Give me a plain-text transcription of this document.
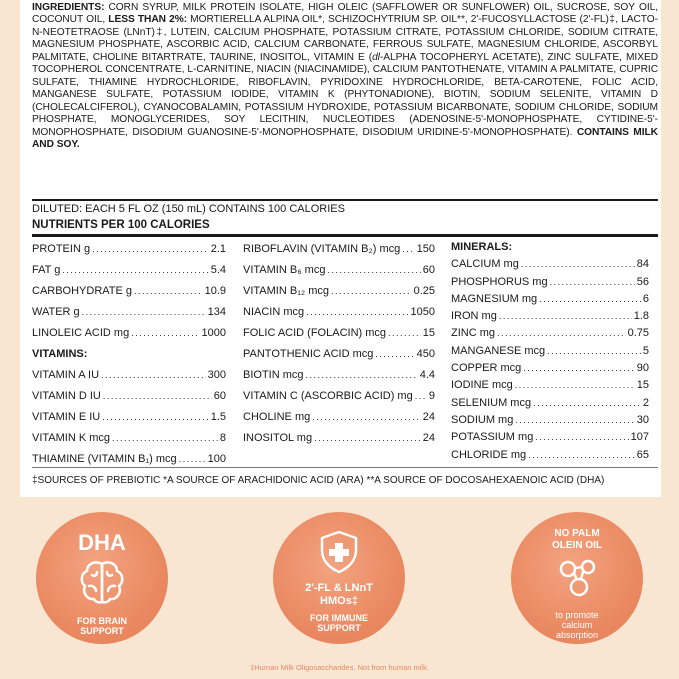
INGREDIENTS: CORN SYRUP, MILK PROTEIN ISOLATE, HIGH OLEIC (SAFFLOWER OR SUNFLOWER) OIL, SUCROSE, SOY OIL, COCONUT OIL, LESS THAN 2%: MORTIERELLA ALPINA OIL*, SCHIZOCHYTRIUM SP. OIL**, 2'-FUCOSYLLACTOSE (2'-FL)‡, LACTO-N-NEOTETRAOSE (LNnT)‡, LUTEIN, CALCIUM PHOSPHATE, POTASSIUM CITRATE, POTASSIUM CHLORIDE, SODIUM CITRATE, MAGNESIUM PHOSPHATE, ASCORBIC ACID, CALCIUM CARBONATE, FERROUS SULFATE, MAGNESIUM CHLORIDE, ASCORBYL PALMITATE, CHOLINE BITARTRATE, TAURINE, INOSITOL, VITAMIN E (dl-ALPHA TOCOPHERYL ACETATE), ZINC SULFATE, MIXED TOCOPHEROL CONCENTRATE, L-CARNITINE, NIACIN (NIACINAMIDE), CALCIUM PANTOTHENATE, VITAMIN A PALMITATE, CUPRIC SULFATE, THIAMINE HYDROCHLORIDE, RIBOFLAVIN, PYRIDOXINE HYDROCHLORIDE, BETA-CAROTENE, FOLIC ACID, MANGANESE SULFATE, POTASSIUM IODIDE, VITAMIN K (PHYTONADIONE), BIOTIN, SODIUM SELENITE, VITAMIN D (CHOLECALCIFEROL), CYANOCOBALAMIN, POTASSIUM HYDROXIDE, POTASSIUM BICARBONATE, SODIUM CHLORIDE, SODIUM PHOSPHATE, MONOGLYCERIDES, SOY LECITHIN, NUCLEOTIDES (ADENOSINE-5'-MONOPHOSPHATE, CYTIDINE-5'-MONOPHOSPHATE, DISODIUM GUANOSINE-5'-MONOPHOSPHATE, DISODIUM URIDINE-5'-MONOPHOSPHATE). CONTAINS MILK AND SOY.
DILUTED: EACH 5 FL OZ (150 mL) CONTAINS 100 CALORIES
NUTRIENTS PER 100 CALORIES
PROTEIN g . . .	2.1
FAT g . . .	5.4
CARBOHYDRATE g . . .	10.9
WATER g . . .	134
LINOLEIC ACID mg . . .	1000
VITAMINS:
VITAMIN A IU . . .	300
VITAMIN D IU . . .	60
VITAMIN E IU . . .	1.5
VITAMIN K mcg . . .	8
THIAMINE (VITAMIN B₁) mcg . . .	100
RIBOFLAVIN (VITAMIN B₂) mcg . . . 150
VITAMIN B₆ mcg . . .	60
VITAMIN B₁₂ mcg . . .	0.25
NIACIN mcg . . .	1050
FOLIC ACID (FOLACIN) mcg . . .	15
PANTOTHENIC ACID mcg . . .	450
BIOTIN mcg . . .	4.4
VITAMIN C (ASCORBIC ACID) mg . . . 9
CHOLINE mg . . .	24
INOSITOL mg . . .	24
MINERALS:
CALCIUM mg . . .	84
PHOSPHORUS mg . . .	56
MAGNESIUM mg . . .	6
IRON mg . . .	1.8
ZINC mg . . .	0.75
MANGANESE mcg . . .	5
COPPER mcg . . .	90
IODINE mcg . . .	15
SELENIUM mcg . . .	2
SODIUM mg . . .	30
POTASSIUM mg . . .	107
CHLORIDE mg . . .	65
‡SOURCES OF PREBIOTIC *A SOURCE OF ARACHIDONIC ACID (ARA) **A SOURCE OF DOCOSAHEXAENOIC ACID (DHA)
DHA
FOR BRAIN
SUPPORT
2'-FL & LNnT
HMOs‡
FOR IMMUNE
SUPPORT
NO PALM
OLEIN OIL
to promote
calcium
absorption
‡Human Milk Oligosaccharides. Not from human milk.
